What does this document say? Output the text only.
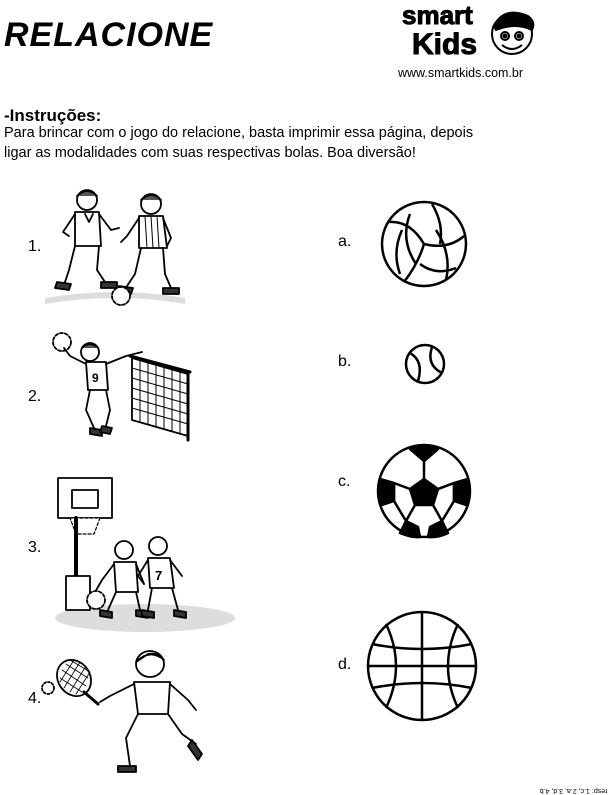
RELACIONE
smart
Kids
www.smartkids.com.br
-Instruções:
Para brincar com o jogo do relacione, basta imprimir essa página, depois
ligar as modalidades com suas respectivas bolas. Boa diversão!
1.
2.
3.
4.
9
7
a.
b.
c.
d.
resp: 1.c, 2.a, 3.d, 4.b
